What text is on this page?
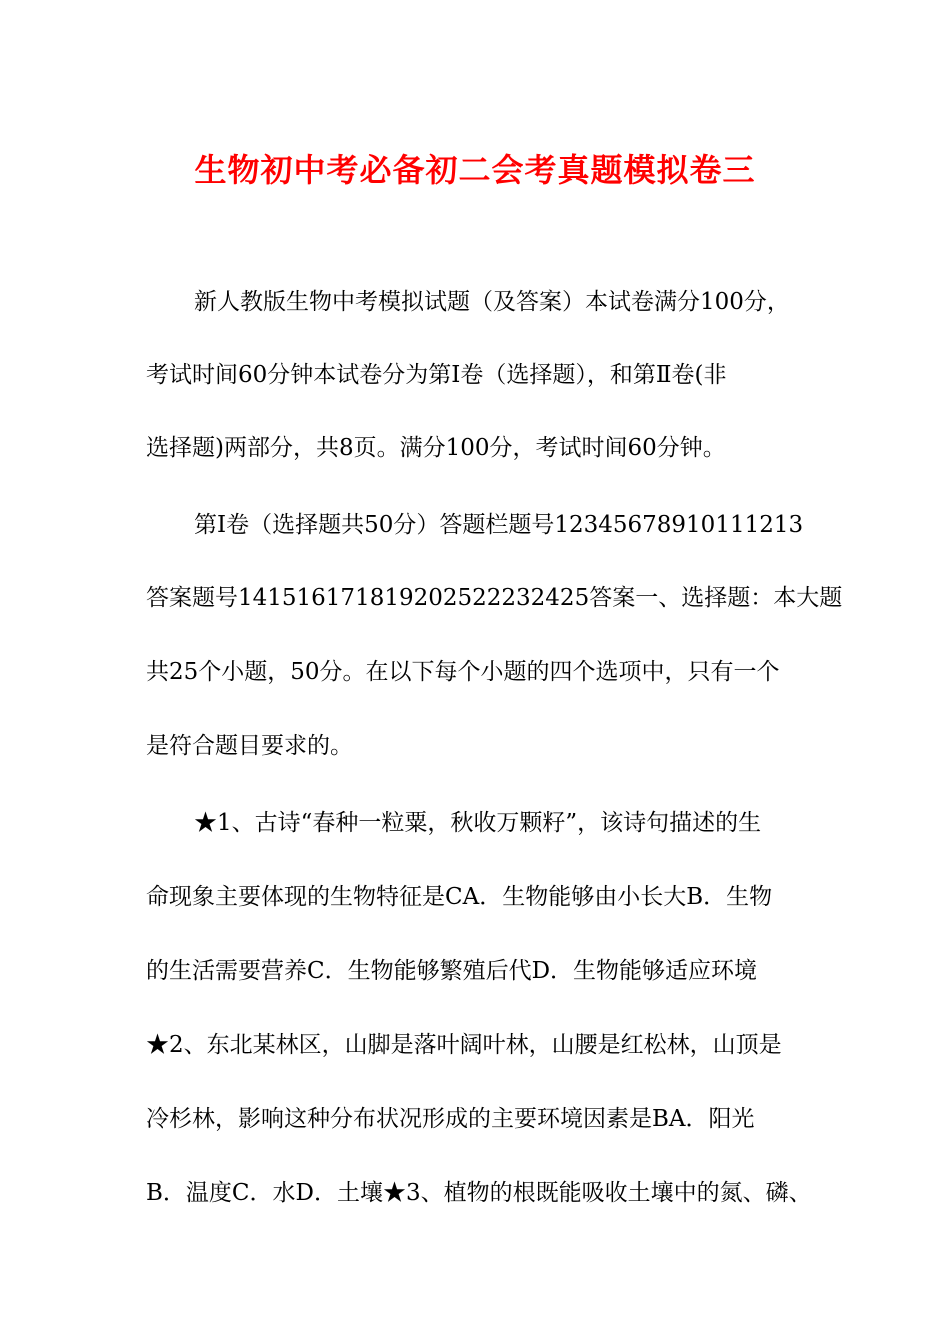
生物初中考必备初二会考真题模拟卷三
新人教版生物中考模拟试题（及答案）本试卷满分100分，
考试时间60分钟本试卷分为第Ⅰ卷（选择题），和第Ⅱ卷(非
选择题)两部分，共8页。满分100分，考试时间60分钟。
第Ⅰ卷（选择题共50分）答题栏题号12345678910111213
答案题号141516171819202522232425答案一、选择题：本大题
共25个小题，50分。在以下每个小题的四个选项中，只有一个
是符合题目要求的。
★1、古诗“春种一粒粟，秋收万颗籽”，该诗句描述的生
命现象主要体现的生物特征是CA．生物能够由小长大B．生物
的生活需要营养C．生物能够繁殖后代D．生物能够适应环境
★2、东北某林区，山脚是落叶阔叶林，山腰是红松林，山顶是
冷杉林，影响这种分布状况形成的主要环境因素是BA．阳光
B．温度C．水D．土壤★3、植物的根既能吸收土壤中的氮、磷、
